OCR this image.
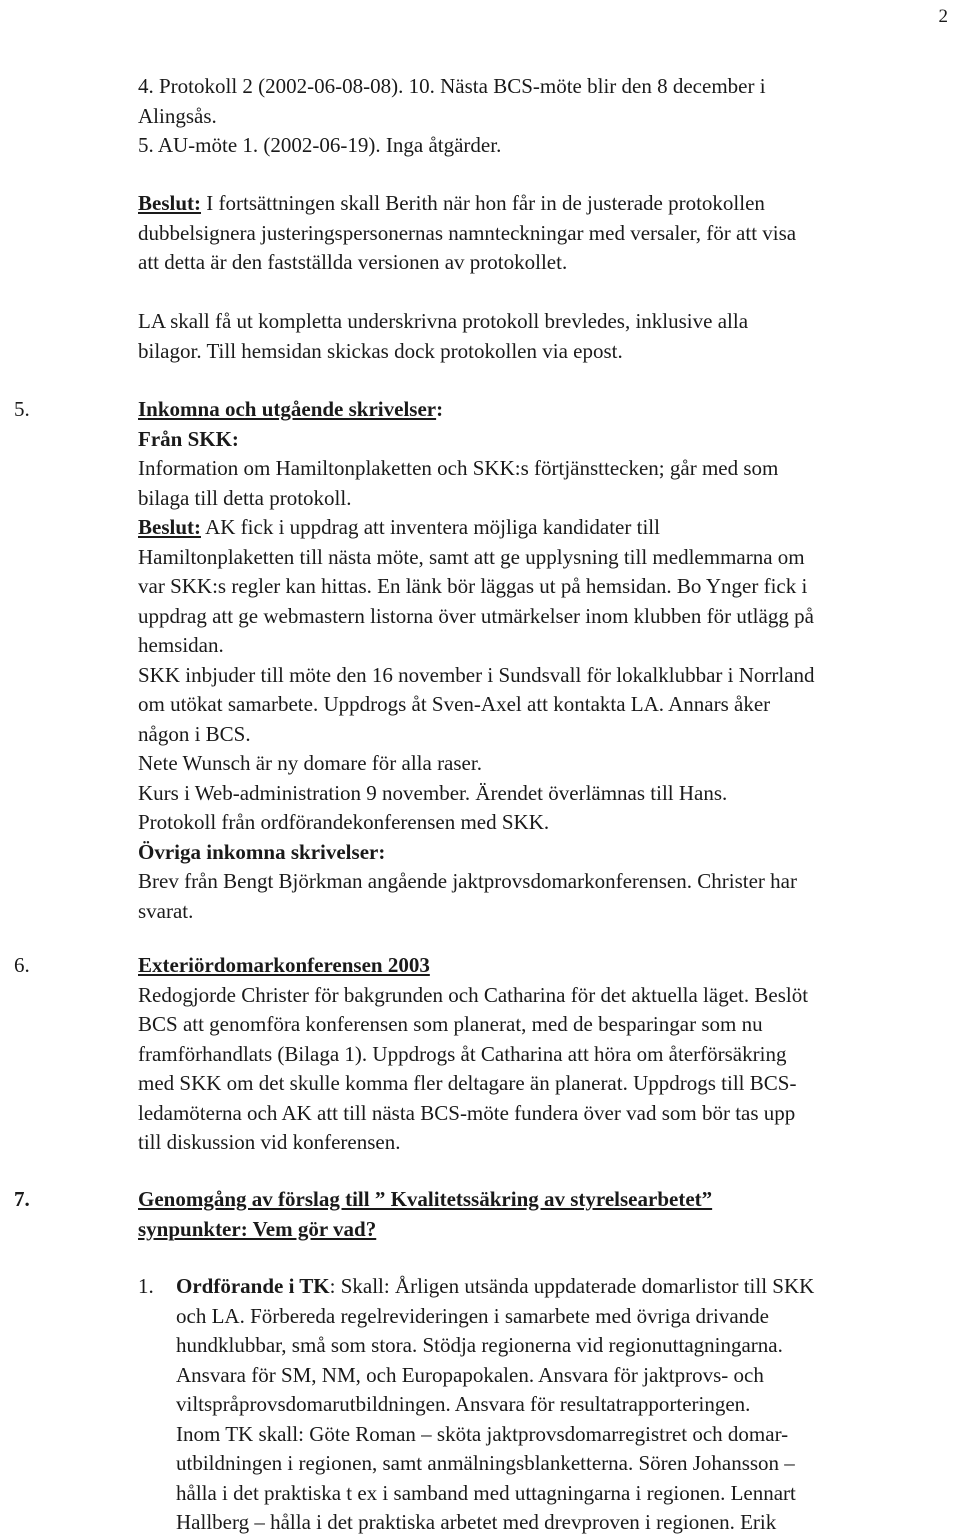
2
4. Protokoll 2 (2002-06-08-08). 10. Nästa BCS-möte blir den 8 december i
Alingsås.
5. AU-möte 1. (2002-06-19). Inga åtgärder.
Beslut: I fortsättningen skall Berith när hon får in de justerade protokollen
dubbelsignera justeringspersonernas namnteckningar med versaler, för att visa
att detta är den fastställda versionen av protokollet.
LA skall få ut kompletta underskrivna protokoll brevledes, inklusive alla
bilagor. Till hemsidan skickas dock protokollen via epost.
5.	Inkomna och utgående skrivelser:
Från SKK:
Information om Hamiltonplaketten och SKK:s förtjänsttecken; går med som
bilaga till detta protokoll.
Beslut: AK fick i uppdrag att inventera möjliga kandidater till
Hamiltonplaketten till nästa möte, samt att ge upplysning till medlemmarna om
var SKK:s regler kan hittas. En länk bör läggas ut på hemsidan. Bo Ynger fick i
uppdrag att ge webmastern listorna över utmärkelser inom klubben för utlägg på
hemsidan.
SKK inbjuder till möte den 16 november i Sundsvall för lokalklubbar i Norrland
om utökat samarbete. Uppdrogs åt Sven-Axel att kontakta LA. Annars åker
någon i BCS.
Nete Wunsch är ny domare för alla raser.
Kurs i Web-administration 9 november. Ärendet överlämnas till Hans.
Protokoll från ordförandekonferensen med SKK.
Övriga inkomna skrivelser:
Brev från Bengt Björkman angående jaktprovsdomarkonferensen. Christer har
svarat.
6.	Exteriördomarkonferensen 2003
Redogjorde Christer för bakgrunden och Catharina för det aktuella läget. Beslöt
BCS att genomföra konferensen som planerat, med de besparingar som nu
framförhandlats (Bilaga 1). Uppdrogs åt Catharina att höra om återförsäkring
med SKK om det skulle komma fler deltagare än planerat. Uppdrogs till BCS-
ledamöterna och AK att till nästa BCS-möte fundera över vad som bör tas upp
till diskussion vid konferensen.
7.	Genomgång av förslag till ” Kvalitetssäkring av styrelsearbetet”
synpunkter: Vem gör vad?
1. Ordförande i TK: Skall: Årligen utsända uppdaterade domarlistor till SKK
och LA. Förbereda regelrevideringen i samarbete med övriga drivande
hundklubbar, små som stora. Stödja regionerna vid regionuttagningarna.
Ansvara för SM, NM, och Europapokalen. Ansvara för jaktprovs- och
viltspråprovsdomarutbildningen. Ansvara för resultatrapporteringen.
Inom TK skall: Göte Roman – sköta jaktprovsdomarregistret och domar-
utbildningen i regionen, samt anmälningsblanketterna. Sören Johansson –
hålla i det praktiska t ex i samband med uttagningarna i regionen. Lennart
Hallberg – hålla i det praktiska arbetet med drevproven i regionen. Erik
